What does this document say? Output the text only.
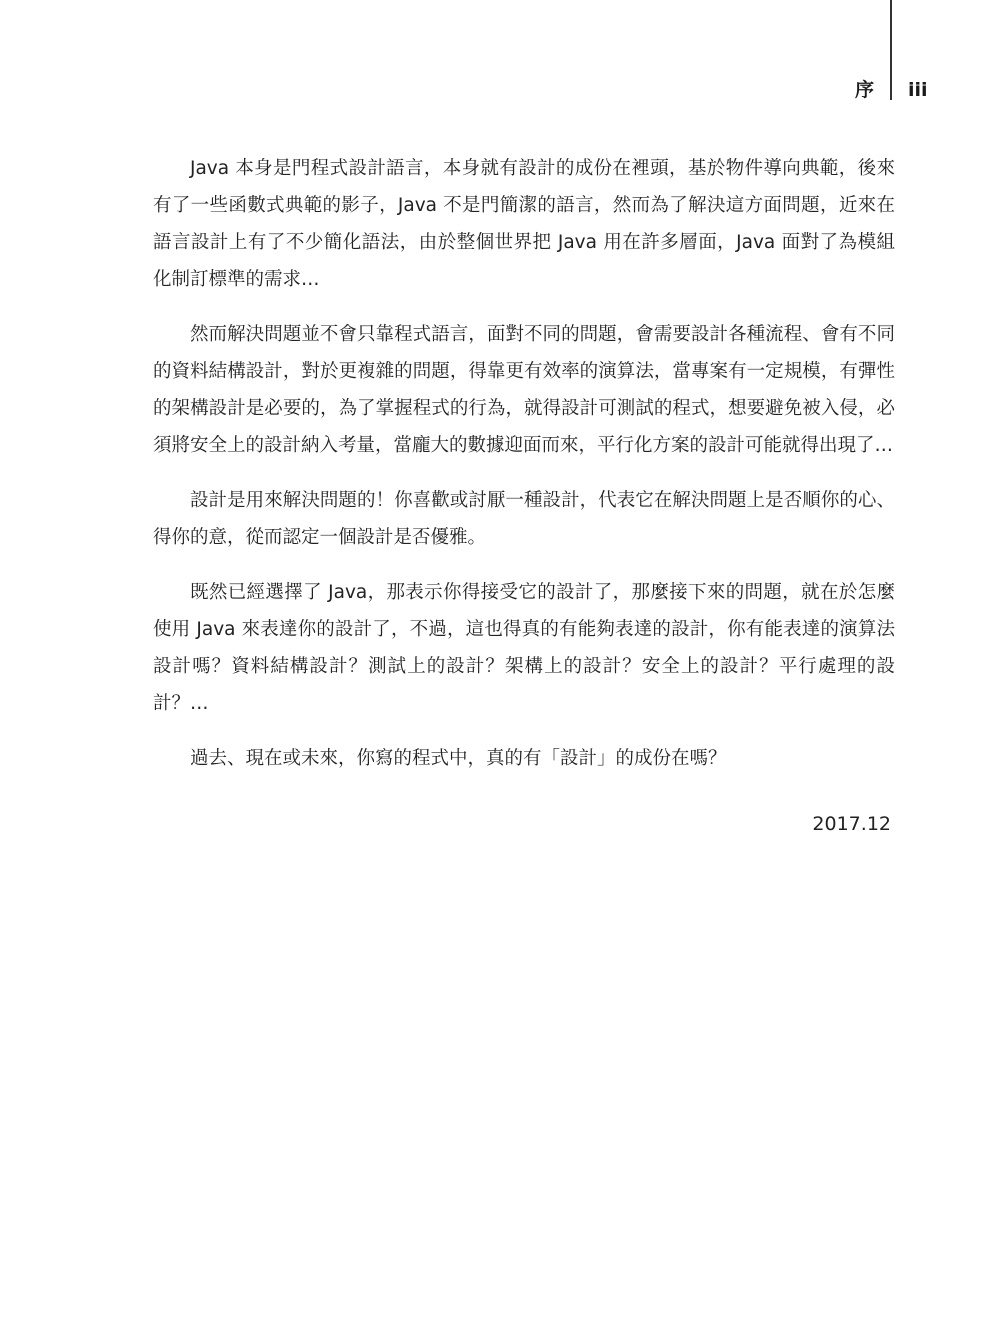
序 iii

Java 本身是門程式設計語言，本身就有設計的成份在裡頭，基於物件導向典範，後來有了一些函數式典範的影子，Java 不是門簡潔的語言，然而為了解決這方面問題，近來在語言設計上有了不少簡化語法，由於整個世界把 Java 用在許多層面，Java 面對了為模組化制訂標準的需求…

然而解決問題並不會只靠程式語言，面對不同的問題，會需要設計各種流程、會有不同的資料結構設計，對於更複雜的問題，得靠更有效率的演算法，當專案有一定規模，有彈性的架構設計是必要的，為了掌握程式的行為，就得設計可測試的程式，想要避免被入侵，必須將安全上的設計納入考量，當龐大的數據迎面而來，平行化方案的設計可能就得出現了…

設計是用來解決問題的！你喜歡或討厭一種設計，代表它在解決問題上是否順你的心、得你的意，從而認定一個設計是否優雅。

既然已經選擇了 Java，那表示你得接受它的設計了，那麼接下來的問題，就在於怎麼使用 Java 來表達你的設計了，不過，這也得真的有能夠表達的設計，你有能表達的演算法設計嗎？資料結構設計？測試上的設計？架構上的設計？安全上的設計？平行處理的設計？…

過去、現在或未來，你寫的程式中，真的有「設計」的成份在嗎？

2017.12
